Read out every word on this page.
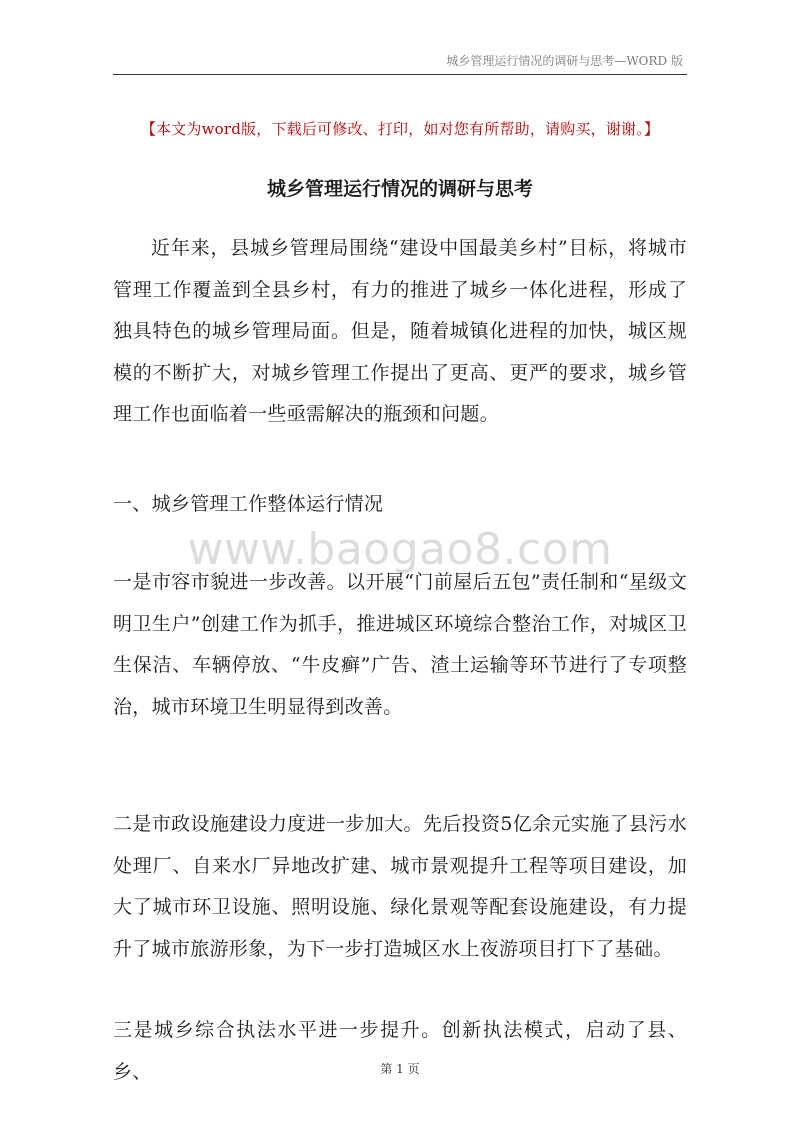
城乡管理运行情况的调研与思考—WORD 版
【本文为word版，下载后可修改、打印，如对您有所帮助，请购买，谢谢。】
城乡管理运行情况的调研与思考
近年来，县城乡管理局围绕“建设中国最美乡村”目标，将城市管理工作覆盖到全县乡村，有力的推进了城乡一体化进程，形成了独具特色的城乡管理局面。但是，随着城镇化进程的加快，城区规模的不断扩大，对城乡管理工作提出了更高、更严的要求，城乡管理工作也面临着一些亟需解决的瓶颈和问题。
一、城乡管理工作整体运行情况
www.baogao8.com
一是市容市貌进一步改善。以开展“门前屋后五包”责任制和“星级文明卫生户”创建工作为抓手，推进城区环境综合整治工作，对城区卫生保洁、车辆停放、“牛皮癣”广告、渣土运输等环节进行了专项整治，城市环境卫生明显得到改善。
二是市政设施建设力度进一步加大。先后投资5亿余元实施了县污水处理厂、自来水厂异地改扩建、城市景观提升工程等项目建设，加大了城市环卫设施、照明设施、绿化景观等配套设施建设，有力提升了城市旅游形象，为下一步打造城区水上夜游项目打下了基础。
三是城乡综合执法水平进一步提升。创新执法模式，启动了县、乡、	第 1 页
